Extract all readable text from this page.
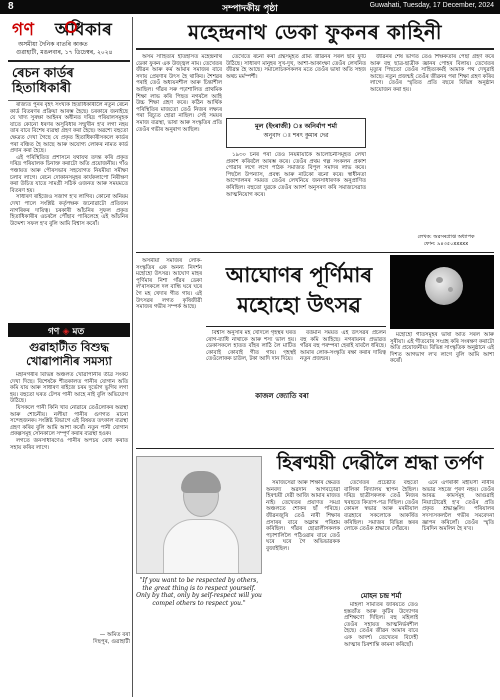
8	সম্পাদকীয় পৃষ্ঠা	Guwahati, Tuesday, 17 December, 2024
গণ অধিকাৰ
অসমীয়া দৈনিক বাতৰি কাকত
গুৱাহাটী, মঙলবাৰ, ১৭ ডিচেম্বৰ, ২০২৪
ৰেচন কাৰ্ডৰ হিতাধিকাৰী

ৰাজ্যত পুনৰ বৃহৎ সংখ্যক হিতাধিকাৰীলৈ নতুন ৰেচন কাৰ্ড বিতৰণৰ প্ৰক্ৰিয়া আৰম্ভ হৈছে। চৰকাৰে জনাইছে যে খাদ্য সুৰক্ষা আইনৰ অধীনত দৰিদ্ৰ পৰিয়ালসমূহক যাতে কোনো ধৰণৰ অসুবিধাৰ সন্মুখীন হ'ব লগা নহয় তাৰ বাবে বিশেষ ব্যৱস্থা গ্ৰহণ কৰা হৈছে। অৱশ্যে বহুতো ক্ষেত্ৰত দেখা গৈছে যে প্ৰকৃত হিতাধিকাৰীসকলে কাৰ্ডৰ পৰা বঞ্চিত হৈ আছে আৰু অযোগ্য লোকৰ নামত কাৰ্ড প্ৰদান কৰা হৈছে।

এই পৰিস্থিতিত প্ৰশাসনে যথাযথ তদন্ত কৰি প্ৰকৃত দৰিদ্ৰ পৰিয়ালক চিনাক্ত কৰাটো অতি প্ৰয়োজনীয়। গাঁও পঞ্চায়ত আৰু পৌৰসভাৰ সহযোগত নিয়মীয়া সমীক্ষা চলাব লাগে। ৰেচন দোকানসমূহৰ কাৰ্যকলাপো নিৰীক্ষণ কৰা উচিত যাতে সামগ্ৰী সঠিক ওজনত আৰু সময়মতে বিতৰণ হয়।

সাধাৰণ ৰাইজেও সজাগ হ'ব লাগিব। কোনো অনিয়ম দেখা পালে সংশ্লিষ্ট কৰ্তৃপক্ষক জনোৱাটো প্ৰতিজন নাগৰিকৰ দায়িত্ব। চৰকাৰী আঁচনিৰ সুফল প্ৰকৃত হিতাধিকাৰীৰ ওচৰলৈ পৌঁছাব পাৰিলেহে এই আঁচনিৰ উদ্দেশ্য সফল হ'ব বুলি আমি বিশ্বাস কৰোঁ।

গণ ◈ মত
গুৱাহাটীত বিশুদ্ধ খোৱাপানীৰ সমস্যা

মহানগৰীৰ বিভিন্ন অঞ্চলত খোৱাপানীৰ তীব্ৰ সংকট দেখা দিছে। বিশেষকৈ শীতকালত পানীৰ যোগান অতি কমি যায় আৰু সাধাৰণ ৰাইজে চৰম দুৰ্ভোগ ভুগিব লগা হয়। বহুতো ঘৰত টেপৰ পানী আহে নাই বুলি অভিযোগ উঠিছে।

যিসকলে পানী কিনি খাব নোৱাৰে তেওঁলোকৰ অৱস্থা আৰু শোচনীয়। নলীয়া পানীৰ গুণগত মানো সন্দেহজনক। সংশ্লিষ্ট বিভাগে এই বিষয়ত তৎকাল ব্যৱস্থা গ্ৰহণ কৰিব বুলি আমি আশা কৰোঁ। নতুন পানী যোগান প্ৰকল্পসমূহ সোনকালে সম্পূৰ্ণ কৰাৰ ব্যৱস্থা হওক।

লগতে জনসাধাৰণেও পানীৰ অপচয় ৰোধ কৰাত সহায় কৰিব লাগে।

— অমিত বৰা
দিছপুৰ, গুৱাহাটী
মহেন্দ্ৰনাথ ডেকা ফুকনৰ কাহিনী

অসম সাহিত্যৰ ইতিহাসত মহেন্দ্ৰনাথ ডেকা ফুকন এক উজ্জ্বল নাম। তেখেতৰ জীৱন আৰু কৰ্ম আমাৰ সমাজৰ বাবে সদায় প্ৰেৰণাৰ উৎস হৈ থাকিব। শৈশৱৰ পৰাই তেওঁ অধ্যয়নশীল আৰু চিন্তাশীল আছিল। গাঁৱৰ সৰু পঢ়াশালিত প্ৰাথমিক শিক্ষা লাভ কৰি পিছত নগৰলৈ আহি উচ্চ শিক্ষা গ্ৰহণ কৰে। কঠিন আৰ্থিক পৰিস্থিতিৰ মাজতো তেওঁ নিজৰ লক্ষ্যৰ পৰা বিচ্যুত হোৱা নাছিল। সেই সময়ৰ সমাজ ব্যৱস্থা, ভাষা আৰু সংস্কৃতিৰ প্ৰতি তেওঁৰ গভীৰ অনুৰাগ আছিল।

তেখেতে ৰচনা কৰা গ্ৰন্থসমূহত গ্ৰাম্য জীৱনৰ সৰল ছবি ফুটি উঠিছে। সাধাৰণ মানুহৰ সুখ-দুখ, আশা-আকাংক্ষা তেওঁৰ লেখনিত জীৱন্ত হৈ আছে। সমালোচকসকলৰ মতে তেওঁৰ ভাষা অতি সহজ অথচ মৰ্মস্পৰ্শী।

মূল (ইংৰাজী) ঃ অনিৰ্বাণ শৰ্মা
অনুবাদ ঃ শৰৎ কুমাৰ দেৱ

১৯৩০ চনৰ পৰা তেওঁ নিয়মীয়াকৈ আলোচনীসমূহত লেখা প্ৰকাশ কৰিবলৈ আৰম্ভ কৰে। তেওঁৰ প্ৰথম গল্প সংকলন প্ৰকাশ পোৱাৰ লগে লগে পাঠক সমাজত বিপুল সমাদৰ লাভ কৰে। পিছলৈ উপন্যাস, প্ৰবন্ধ আৰু নাটকো ৰচনা কৰে। স্বাধীনতা আন্দোলনৰ সময়ত তেওঁৰ লেখনিয়ে জনসাধাৰণক অনুপ্ৰাণিত কৰিছিল। বহুতো যুৱকে তেওঁৰ আদৰ্শ অনুসৰণ কৰি সমাজসেৱাত আত্মনিয়োগ কৰে।

জীৱনৰ শেষ ভাগত তেওঁ শিক্ষকতাৰ পেছা গ্ৰহণ কৰে আৰু বহু ছাত্ৰ-ছাত্ৰীক জ্ঞানৰ পোহৰ বিলায়। তেখেতৰ মৃত্যুৰ পিছতো তেওঁৰ সাহিত্যকৰ্মই আমাক পথ দেখুৱাই আছে। নতুন প্ৰজন্মই তেওঁৰ জীৱনৰ পৰা শিক্ষা গ্ৰহণ কৰিব লাগে। তেওঁৰ স্মৃতিত প্ৰতি বছৰে বিভিন্ন অনুষ্ঠান আয়োজন কৰা হয়।

লেখক: অৱসৰপ্ৰাপ্ত অধ্যাপক
ফোন: ৯৪৩৫০xxxxx
আঘোণৰ পূৰ্ণিমাৰ মহোহো উৎসৱ

অসমীয়া সমাজৰ লোক-সংস্কৃতিৰ এক অনন্য নিদৰ্শন মহোহো উৎসৱ। আঘোণ মাহৰ পূৰ্ণিমাৰ নিশা গাঁৱৰ ডেকা ল'ৰাসকলে দল বান্ধি ঘৰে ঘৰে গৈ মহ খেদাৰ গীত গায়। এই উৎসৱৰ লগত কৃষিজীৱী সমাজৰ গভীৰ সম্পৰ্ক আছে।

বিশ্বাস অনুসৰি মহ খেদিলে গৃহস্থৰ ঘৰত ৰোগ-ব্যাধি নাথাকে আৰু শস্য ভাল হয়। ডেকাসকলে হাতত বাঁহৰ লাঠি লৈ মাটিত কোবাই কোবাই গীত গায়। গৃহস্থই তেওঁলোকক চাউল, টকা আদি দান দিয়ে।

বৰ্তমান সময়ত এই উৎসৱৰ প্ৰচলন বহু কমি আহিছে। নগৰায়নৰ প্ৰভাৱত গাঁৱৰ বহু পৰম্পৰা হেৰাই যাবলৈ ধৰিছে। আমাৰ লোক-সংস্কৃতি ৰক্ষা কৰাৰ দায়িত্ব নতুন প্ৰজন্মৰ।

মহোহো গীতসমূহৰ ভাষা অতি সৰল আৰু সুৰীয়া। এই গীতবোৰ সংগ্ৰহ কৰি সংৰক্ষণ কৰাটো অতি প্ৰয়োজনীয়। বিভিন্ন সাংস্কৃতিক অনুষ্ঠানে এই দিশত আগভাগ ল'ব লাগে বুলি আমি আশা কৰোঁ।

কাজল জ্যোতি বৰা
হিৰণ্ময়ী দেৱীলৈ শ্ৰদ্ধা তৰ্পণ
"If you want to be respected by others, the great thing is to respect yourself. Only by that, only by self-respect will you compel others to respect you."

সমাজসেৱা আৰু শিক্ষাৰ ক্ষেত্ৰত অনবদ্য অৱদান আগবঢ়োৱা হিৰণ্ময়ী দেৱী আজি আমাৰ মাজত নাই। তেখেতৰ প্ৰয়াণত সমগ্ৰ অঞ্চলতে শোকৰ ছাঁ পৰিছে। জীৱনজুৰি তেওঁ নাৰী শিক্ষাৰ প্ৰসাৰৰ বাবে অক্লান্ত পৰিশ্ৰম কৰিছিল। গাঁৱৰ ছোৱালীসকলক পঢ়াশালিলৈ পঠিওৱাৰ বাবে তেওঁ ঘৰে ঘৰে গৈ অভিভাৱকক বুজাইছিল।

তেখেতৰ প্ৰচেষ্টাত বহুতো বালিকা বিদ্যালয় স্থাপন হৈছিল। দৰিদ্ৰ ছাত্ৰীসকলক তেওঁ নিজৰ খৰছতে কিতাপ-পত্ৰ দিছিল। তেওঁৰ কোমল স্বভাৱ আৰু মৰমীয়াল ব্যৱহাৰে সকলোকে আকৰ্ষিত কৰিছিল। সমাজৰ বিভিন্ন স্তৰৰ লোকে তেওঁক শ্ৰদ্ধাৰে সোঁৱৰে।

মোহন চন্দ্ৰ শৰ্মা

মহিলা সমিতিৰ জৰিয়তে তেওঁ হস্ততাঁত আৰু কুটিৰ উদ্যোগৰ প্ৰশিক্ষণো দিছিল। বহু মহিলাই তেওঁৰ সহায়ত আত্মনিৰ্ভৰশীল হৈছে। তেওঁৰ জীৱন আমাৰ বাবে এক আদৰ্শ। তেখেতৰ বিদেহী আত্মাৰ চিৰশান্তি কামনা কৰিছোঁ।

এনে এগৰাকী মহীয়সী নাৰীৰ অভাৱ সহজে পূৰণ নহয়। তেওঁৰ আৰব্ধ কামসমূহ আগুৱাই নিয়াটোৱেই হ'ব তেওঁৰ প্ৰতি প্ৰকৃত শ্ৰদ্ধাঞ্জলি। পৰিয়ালৰ সদস্যসকললৈ গভীৰ সমবেদনা জ্ঞাপন কৰিলোঁ। তেওঁৰ স্মৃতি চিৰদিন অমলিন হৈ ৰ'ব।
